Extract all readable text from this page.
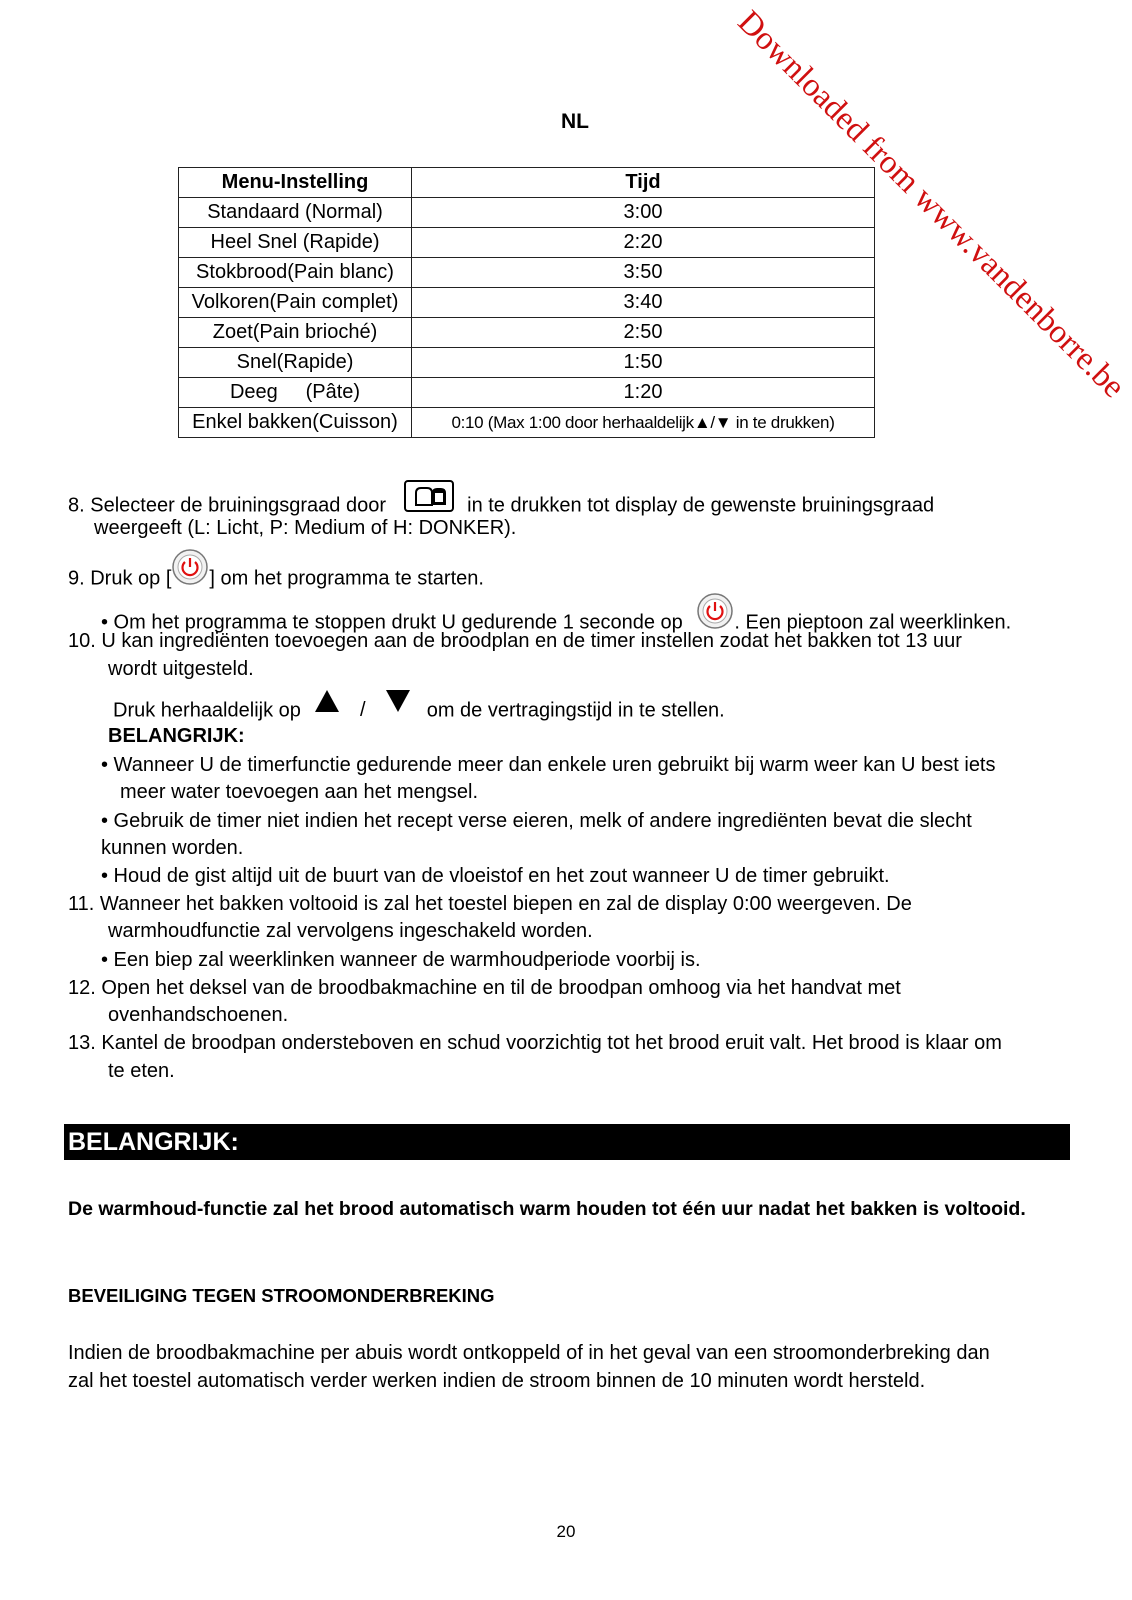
Downloaded from www.vandenborre.be
NL
Menu-Instelling	Tijd
Standaard (Normal)	3:00
Heel Snel (Rapide)	2:20
Stokbrood(Pain blanc)	3:50
Volkoren(Pain complet)	3:40
Zoet(Pain brioché)	2:50
Snel(Rapide)	1:50
Deeg     (Pâte)	1:20
Enkel bakken(Cuisson)	0:10 (Max 1:00 door herhaaldelijk▲/▼ in te drukken)
8. Selecteer de bruiningsgraad door	in te drukken tot display de gewenste bruiningsgraad
weergeeft (L: Licht, P: Medium of H: DONKER).
9. Druk op [ ] om het programma te starten.
• Om het programma te stoppen drukt U gedurende 1 seconde op	. Een pieptoon zal weerklinken.
10. U kan ingrediënten toevoegen aan de broodplan en de timer instellen zodat het bakken tot 13 uur
wordt uitgesteld.
Druk herhaaldelijk op	/	om de vertragingstijd in te stellen.
BELANGRIJK:
• Wanneer U de timerfunctie gedurende meer dan enkele uren gebruikt bij warm weer kan U best iets
meer water toevoegen aan het mengsel.
• Gebruik de timer niet indien het recept verse eieren, melk of andere ingrediënten bevat die slecht
kunnen worden.
• Houd de gist altijd uit de buurt van de vloeistof en het zout wanneer U de timer gebruikt.
11. Wanneer het bakken voltooid is zal het toestel biepen en zal de display 0:00 weergeven. De
warmhoudfunctie zal vervolgens ingeschakeld worden.
• Een biep zal weerklinken wanneer de warmhoudperiode voorbij is.
12. Open het deksel van de broodbakmachine en til de broodpan omhoog via het handvat met
ovenhandschoenen.
13. Kantel de broodpan ondersteboven en schud voorzichtig tot het brood eruit valt. Het brood is klaar om
te eten.
BELANGRIJK:
De warmhoud-functie zal het brood automatisch warm houden tot één uur nadat het bakken is voltooid.
BEVEILIGING TEGEN STROOMONDERBREKING
Indien de broodbakmachine per abuis wordt ontkoppeld of in het geval van een stroomonderbreking dan
zal het toestel automatisch verder werken indien de stroom binnen de 10 minuten wordt hersteld.
20
